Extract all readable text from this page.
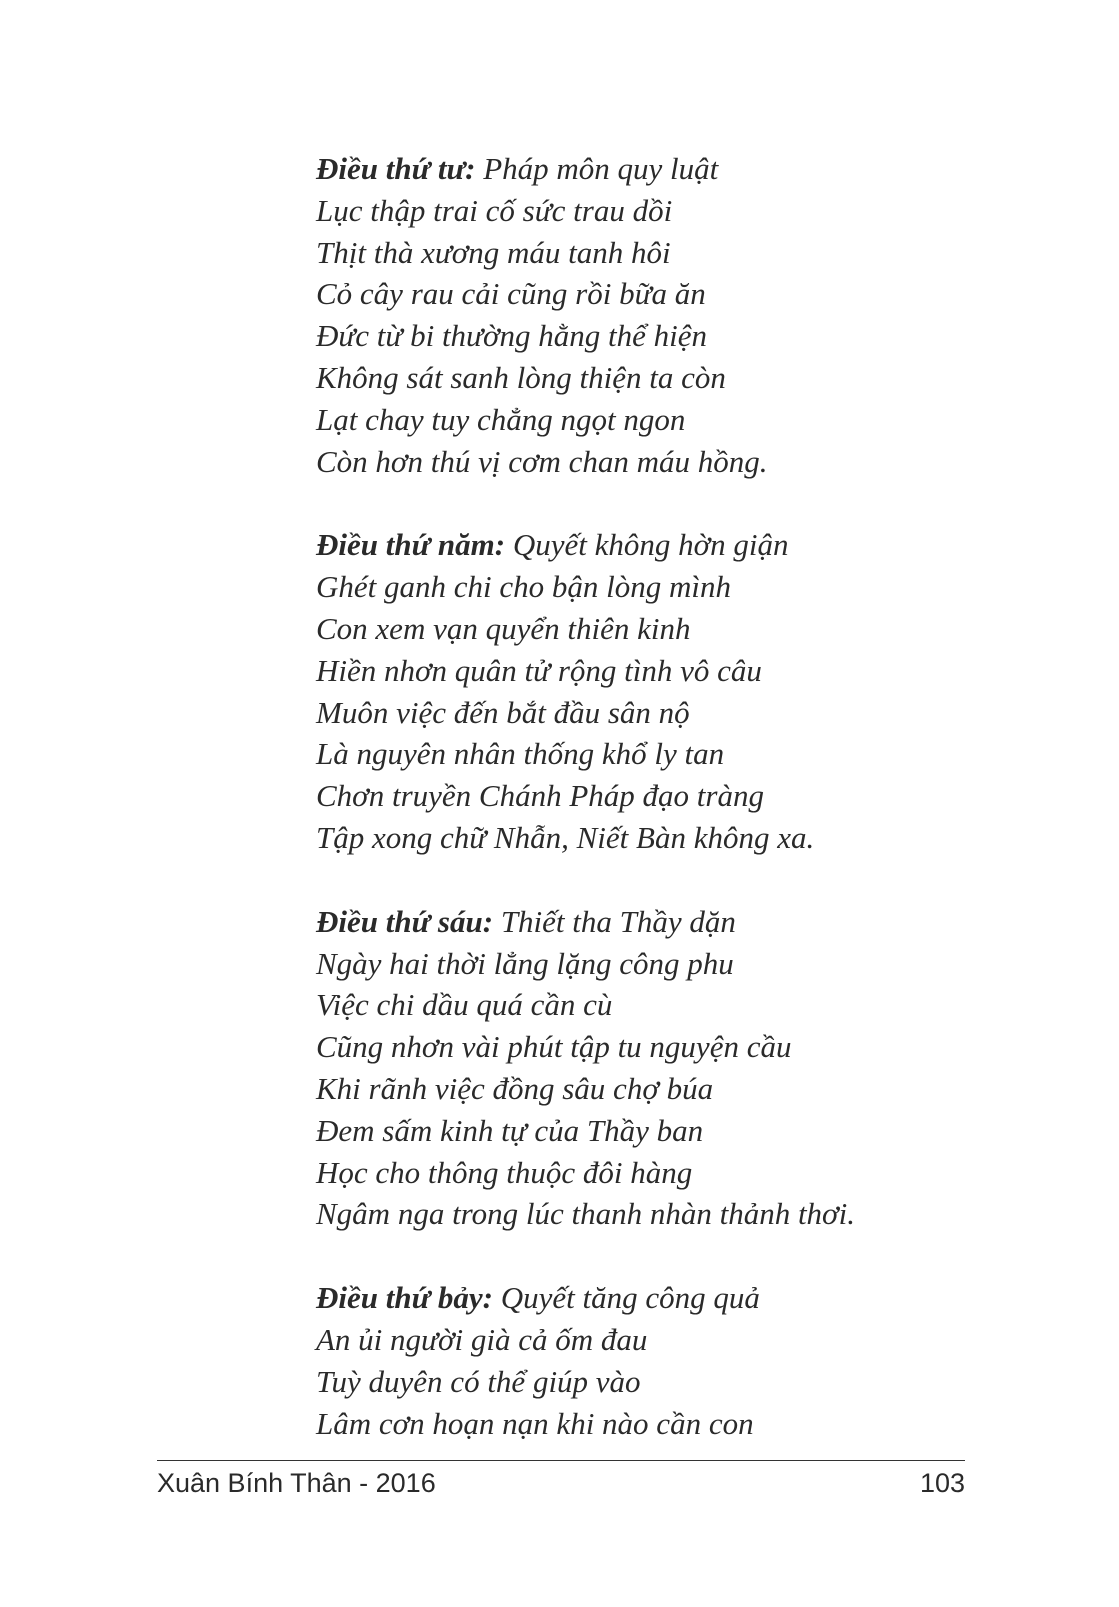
Điều thứ tư: Pháp môn quy luật
Lục thập trai cố sức trau dồi
Thịt thà xương máu tanh hôi
Cỏ cây rau cải cũng rồi bữa ăn
Đức từ bi thường hằng thể hiện
Không sát sanh lòng thiện ta còn
Lạt chay tuy chẳng ngọt ngon
Còn hơn thú vị cơm chan máu hồng.
Điều thứ năm: Quyết không hờn giận
Ghét ganh chi cho bận lòng mình
Con xem vạn quyển thiên kinh
Hiền nhơn quân tử rộng tình vô câu
Muôn việc đến bắt đầu sân nộ
Là nguyên nhân thống khổ ly tan
Chơn truyền Chánh Pháp đạo tràng
Tập xong chữ Nhẫn, Niết Bàn không xa.
Điều thứ sáu: Thiết tha Thầy dặn
Ngày hai thời lẳng lặng công phu
Việc chi dầu quá cần cù
Cũng nhơn vài phút tập tu nguyện cầu
Khi rãnh việc đồng sâu chợ búa
Đem sấm kinh tự của Thầy ban
Học cho thông thuộc đôi hàng
Ngâm nga trong lúc thanh nhàn thảnh thơi.
Điều thứ bảy: Quyết tăng công quả
An ủi người già cả ốm đau
Tuỳ duyên có thể giúp vào
Lâm cơn hoạn nạn khi nào cần con
Xuân Bính Thân - 2016	103
